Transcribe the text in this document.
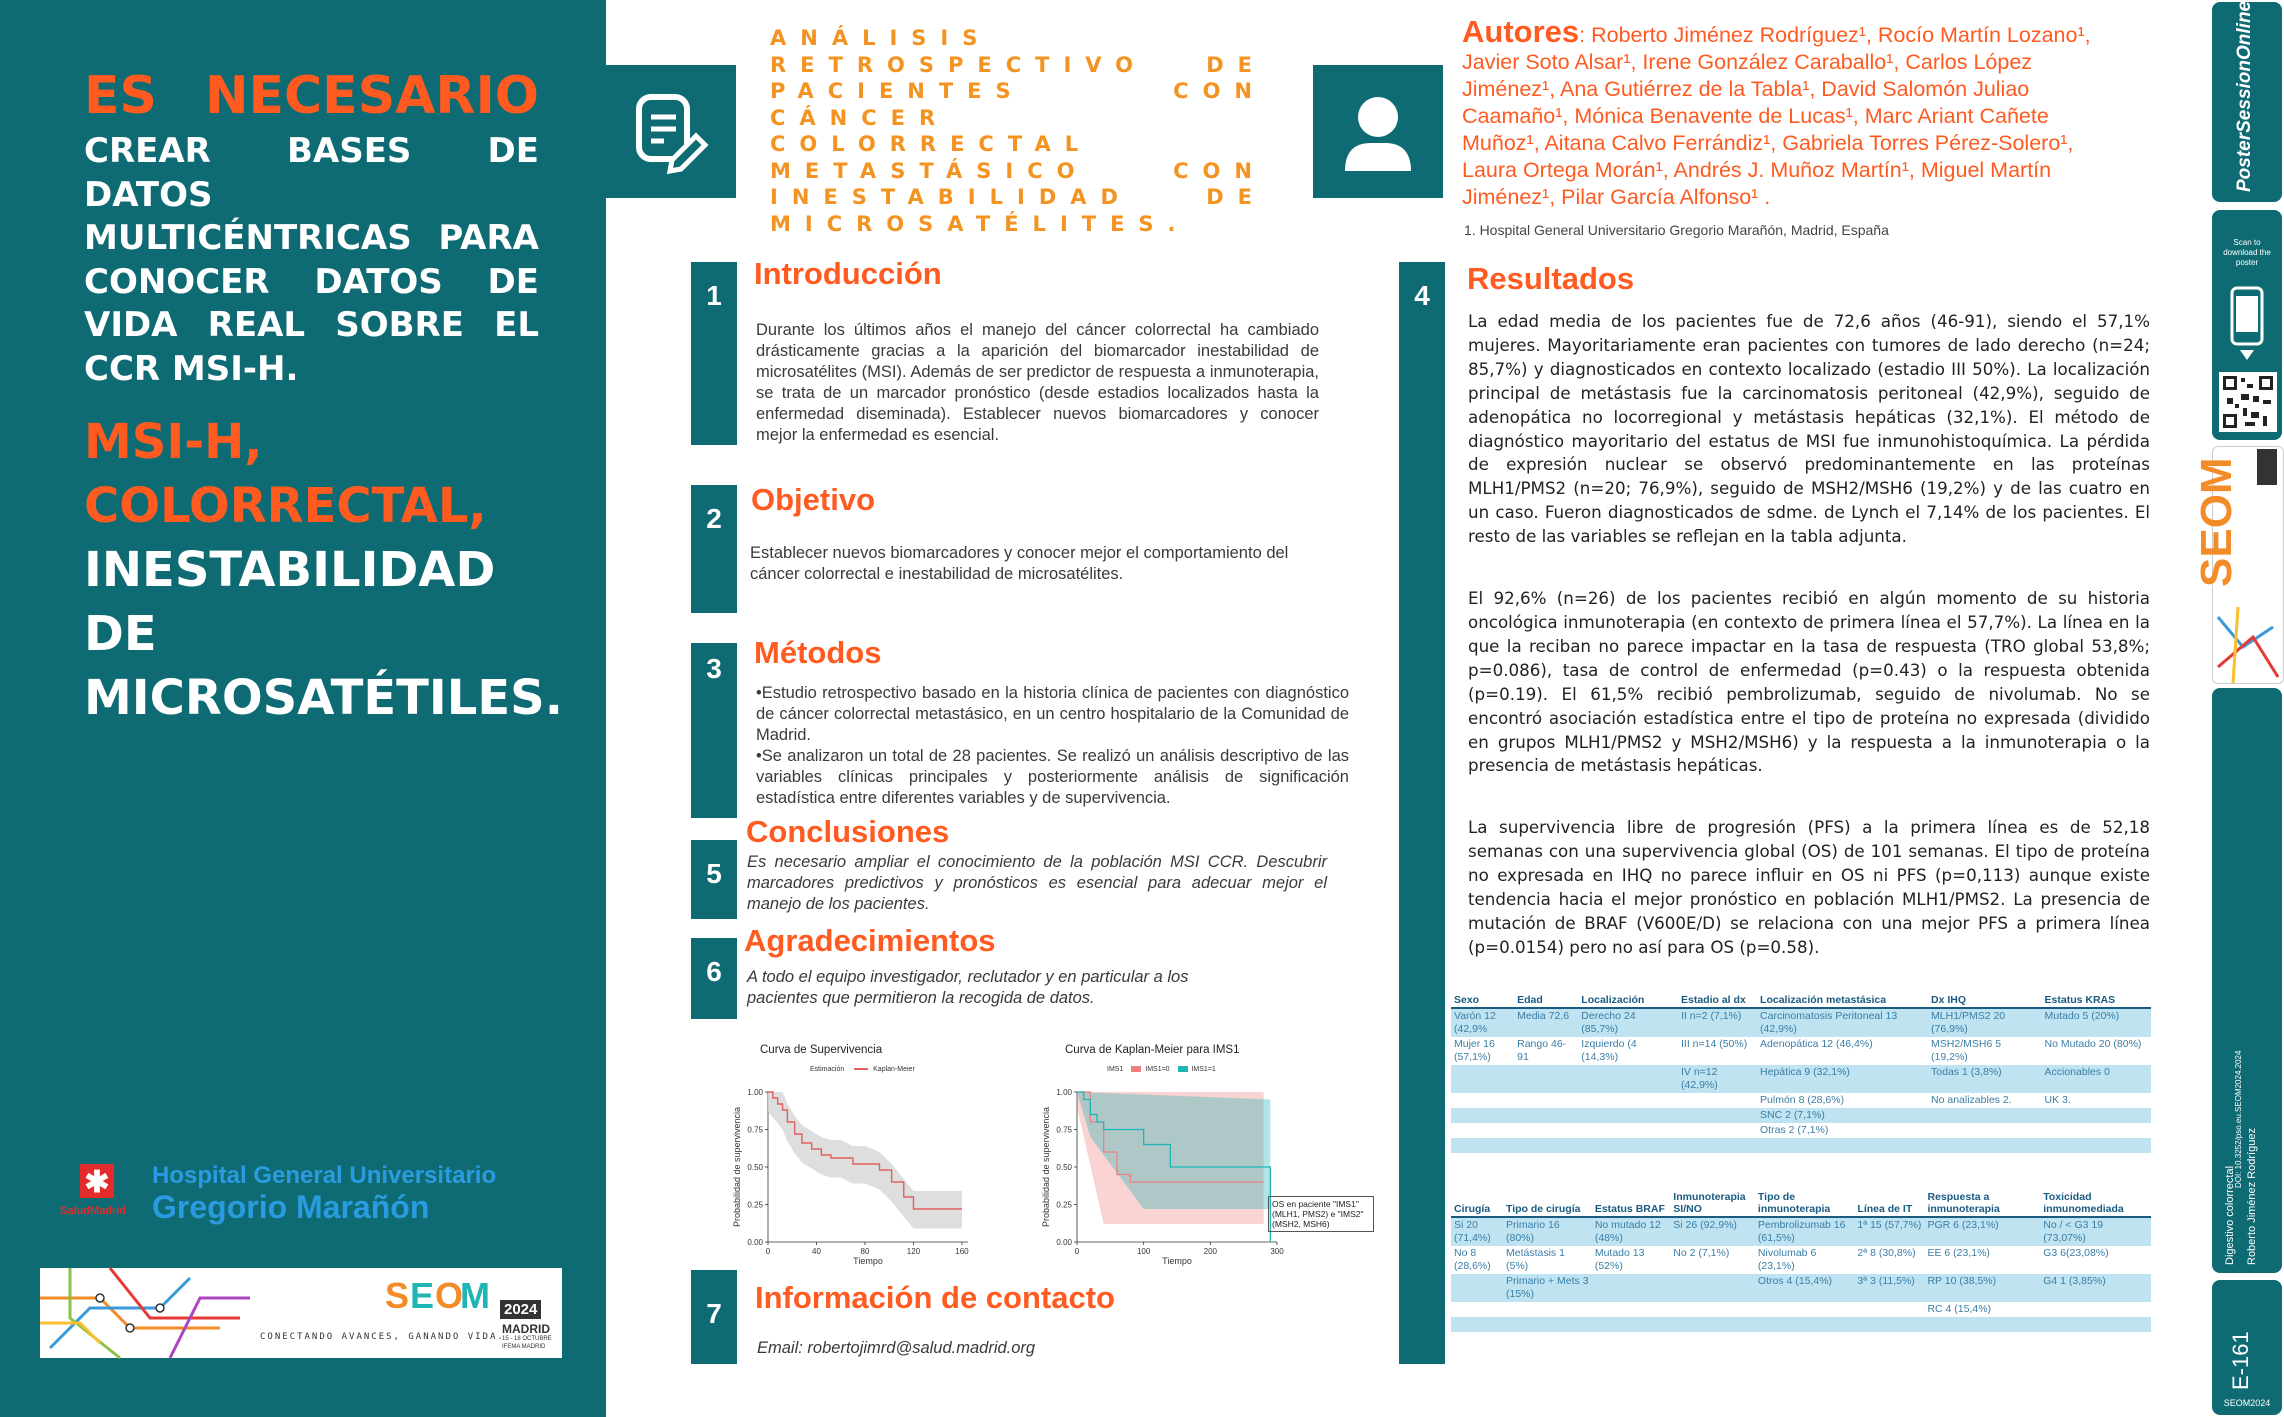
ES NECESARIO
CREAR BASES DE DATOS MULTICÉNTRICAS PARA CONOCER DATOS DE VIDA REAL SOBRE EL CCR MSI-H.
MSI-H, COLORRECTAL,
INESTABILIDAD DE MICROSATÉTILES.
✱
SaludMadrid
Hospital General Universitario
Gregorio Marañón
S E O
M
CONECTANDO AVANCES, GANANDO VIDA.
2024
MADRID
15 - 18 OCTUBRE
IFEMA MADRID
ANÁLISIS RETROSPECTIVO DE PACIENTES CON CÁNCER COLORRECTAL METASTÁSICO CON INESTABILIDAD DE MICROSATÉLITES.
Autores: Roberto Jiménez Rodríguez¹, Rocío Martín Lozano¹, Javier Soto Alsar¹, Irene González Caraballo¹, Carlos López Jiménez¹, Ana Gutiérrez de la Tabla¹, David Salomón Juliao Caamaño¹, Mónica Benavente de Lucas¹, Marc Ariant Cañete Muñoz¹, Aitana Calvo Ferrándiz¹, Gabriela Torres Pérez-Solero¹, Laura Ortega Morán¹, Andrés J. Muñoz Martín¹, Miguel Martín Jiménez¹, Pilar García Alfonso¹ .
1. Hospital General Universitario Gregorio Marañón, Madrid, España
1
Introducción
Durante los últimos años el manejo del cáncer colorrectal ha cambiado drásticamente gracias a la aparición del biomarcador inestabilidad de microsatélites (MSI). Además de ser predictor de respuesta a inmunoterapia, se trata de un marcador pronóstico (desde estadios localizados hasta la enfermedad diseminada). Establecer nuevos biomarcadores y conocer mejor la enfermedad es esencial.
2
Objetivo
Establecer nuevos biomarcadores y conocer mejor el comportamiento del cáncer colorrectal e inestabilidad de microsatélites.
3	Métodos
•Estudio retrospectivo basado en la historia clínica de pacientes con diagnóstico de cáncer colorrectal metastásico, en un centro hospitalario de la Comunidad de Madrid.
•Se analizaron un total de 28 pacientes. Se realizó un análisis descriptivo de las variables clínicas principales y posteriormente análisis de significación estadística entre diferentes variables y de supervivencia.
5
Conclusiones
Es necesario ampliar el conocimiento de la población MSI CCR. Descubrir marcadores predictivos y pronósticos es esencial para adecuar mejor el manejo de los pacientes.
6
Agradecimientos
A todo el equipo investigador, reclutador y en particular a los pacientes que permitieron la recogida de datos.
Curva de Supervivencia
Estimación	Kaplan-Meier
0.00
0.25
0.50
0.75
1.00
0	40	80	120	160
Tiempo
Probabilidad de supervivencia
Curva de Kaplan-Meier para IMS1
IMS1	IMS1=0	IMS1=1
0.00
0.25
0.50
0.75
1.00
0	100	200	300
Tiempo
Probabilidad de supervivencia	OS en paciente "IMS1" (MLH1, PMS2) e "IMS2" (MSH2, MSH6)
7	Información de contacto
Email: robertojimrd@salud.madrid.org
4	Resultados

La edad media de los pacientes fue de 72,6 años (46-91), siendo el 57,1% mujeres. Mayoritariamente eran pacientes con tumores de lado derecho (n=24; 85,7%) y diagnosticados en contexto localizado (estadio III 50%). La localización principal de metástasis fue la carcinomatosis peritoneal (42,9%), seguido de adenopática no locorregional y metástasis hepáticas (32,1%). El método de diagnóstico mayoritario del estatus de MSI fue inmunohistoquímica. La pérdida de expresión nuclear se observó predominantemente en las proteínas MLH1/PMS2 (n=20; 76,9%), seguido de MSH2/MSH6 (19,2%) y de las cuatro en un caso. Fueron diagnosticados de sdme. de Lynch el 7,14% de los pacientes. El resto de las variables se reflejan en la tabla adjunta.

El 92,6% (n=26) de los pacientes recibió en algún momento de su historia oncológica inmunoterapia (en contexto de primera línea el 57,7%). La línea en la que la reciban no parece impactar en la tasa de respuesta (TRO global 53,8%; p=0.086), tasa de control de enfermedad (p=0.43) o la respuesta obtenida (p=0.19). El 61,5% recibió pembrolizumab, seguido de nivolumab. No se encontró asociación estadística entre el tipo de proteína no expresada (dividido en grupos MLH1/PMS2 y MSH2/MSH6) y la respuesta a la inmunoterapia o la presencia de metástasis hepáticas.

La supervivencia libre de progresión (PFS) a la primera línea es de 52,18 semanas con una supervivencia global (OS) de 101 semanas. El tipo de proteína no expresada en IHQ no parece influir en OS ni PFS (p=0,113) aunque existe tendencia hacia el mejor pronóstico en población MLH1/PMS2. La presencia de mutación de BRAF (V600E/D) se relaciona con una mejor PFS a primera línea (p=0.0154) pero no así para OS (p=0.58).

Sexo	Edad	Localización	Estadio al dx	Localización metastásica	Dx IHQ	Estatus KRAS
Varón 12 (42,9%	Media 72,6	Derecho 24 (85,7%)	II n=2 (7,1%)	Carcinomatosis Peritoneal 13 (42,9%)	MLH1/PMS2 20 (76,9%)	Mutado 5 (20%)
Mujer 16 (57,1%)	Rango 46-91	Izquierdo (4 (14,3%)	III n=14 (50%)	Adenopática 12 (46,4%)	MSH2/MSH6 5 (19,2%)	No Mutado 20 (80%)
			IV n=12 (42,9%)	Hepática 9 (32,1%)	Todas 1 (3,8%)	Accionables 0
				Pulmón 8 (28,6%)	No analizables 2.	UK 3.
				SNC 2 (7,1%)		
				Otras 2 (7,1%)		

Cirugía	Tipo de cirugía	Estatus BRAF	Inmunoterapia SI/NO	Tipo de inmunoterapia	Línea de IT	Respuesta a inmunoterapia	Toxicidad inmunomediada
Si 20 (71,4%)	Primario 16 (80%)	No mutado 12 (48%)	Si 26 (92,9%)	Pembrolizumab 16 (61,5%)	1ª 15 (57,7%)	PGR 6 (23,1%)	No / < G3 19 (73,07%)
No 8 (28,6%)	Metástasis 1 (5%)	Mutado 13 (52%)	No 2 (7,1%)	Nivolumab 6 (23,1%)	2ª 8 (30,8%)	EE 6 (23,1%)	G3 6(23,08%)
	Primario + Mets 3 (15%)			Otros 4 (15,4%)	3ª 3 (11,5%)	RP 10 (38,5%)	G4 1 (3,85%)
						RC 4 (15,4%)	

PosterSessionOnline
Scan to download the poster
SEOM
DOI: 10.3252/pso.eu.SEOM2024.2024
Digestivo colorrectal Roberto Jiménez Rodríguez
E-161
SEOM2024
